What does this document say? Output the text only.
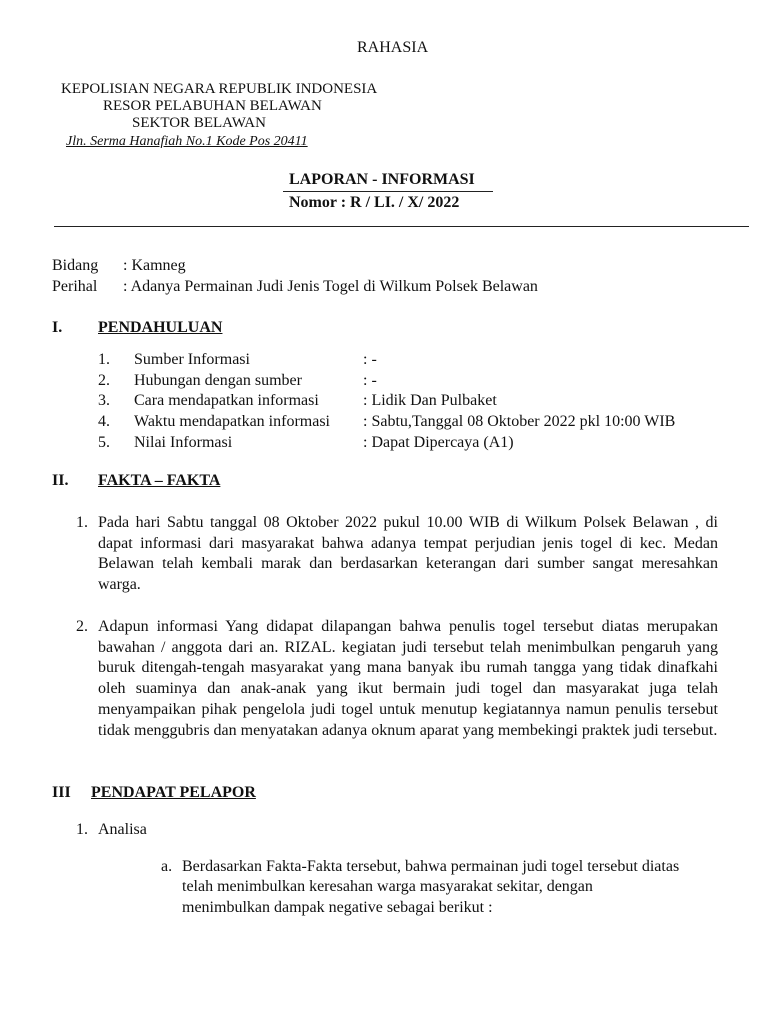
RAHASIA
KEPOLISIAN NEGARA REPUBLIK INDONESIA
RESOR PELABUHAN BELAWAN
SEKTOR BELAWAN
Jln. Serma Hanafiah No.1 Kode Pos 20411
LAPORAN - INFORMASI
Nomor : R / LI. / X/ 2022
Bidang : Kamneg
Perihal : Adanya Permainan Judi Jenis Togel di Wilkum Polsek Belawan
I. PENDAHULUAN
1. Sumber Informasi	: -
2. Hubungan dengan sumber	: -
3. Cara mendapatkan informasi	: Lidik Dan Pulbaket
4. Waktu mendapatkan informasi : Sabtu,Tanggal 08 Oktober 2022 pkl 10:00 WIB
5. Nilai Informasi	: Dapat Dipercaya (A1)
II. FAKTA – FAKTA
1. Pada hari Sabtu tanggal 08 Oktober 2022 pukul 10.00 WIB di Wilkum Polsek Belawan , di dapat informasi dari masyarakat bahwa adanya tempat perjudian jenis togel di kec. Medan Belawan telah kembali marak dan berdasarkan keterangan dari sumber sangat meresahkan warga.
2. Adapun informasi Yang didapat dilapangan bahwa penulis togel tersebut diatas merupakan bawahan / anggota dari an. RIZAL. kegiatan judi tersebut telah menimbulkan pengaruh yang buruk ditengah-tengah masyarakat yang mana banyak ibu rumah tangga yang tidak dinafkahi oleh suaminya dan anak-anak yang ikut bermain judi togel dan masyarakat juga telah menyampaikan pihak pengelola judi togel untuk menutup kegiatannya namun penulis tersebut tidak menggubris dan menyatakan adanya oknum aparat yang membekingi praktek judi tersebut.
III PENDAPAT PELAPOR
1. Analisa
a. Berdasarkan Fakta-Fakta tersebut, bahwa permainan judi togel tersebut diatas
telah menimbulkan keresahan warga masyarakat sekitar, dengan
menimbulkan dampak negative sebagai berikut :
